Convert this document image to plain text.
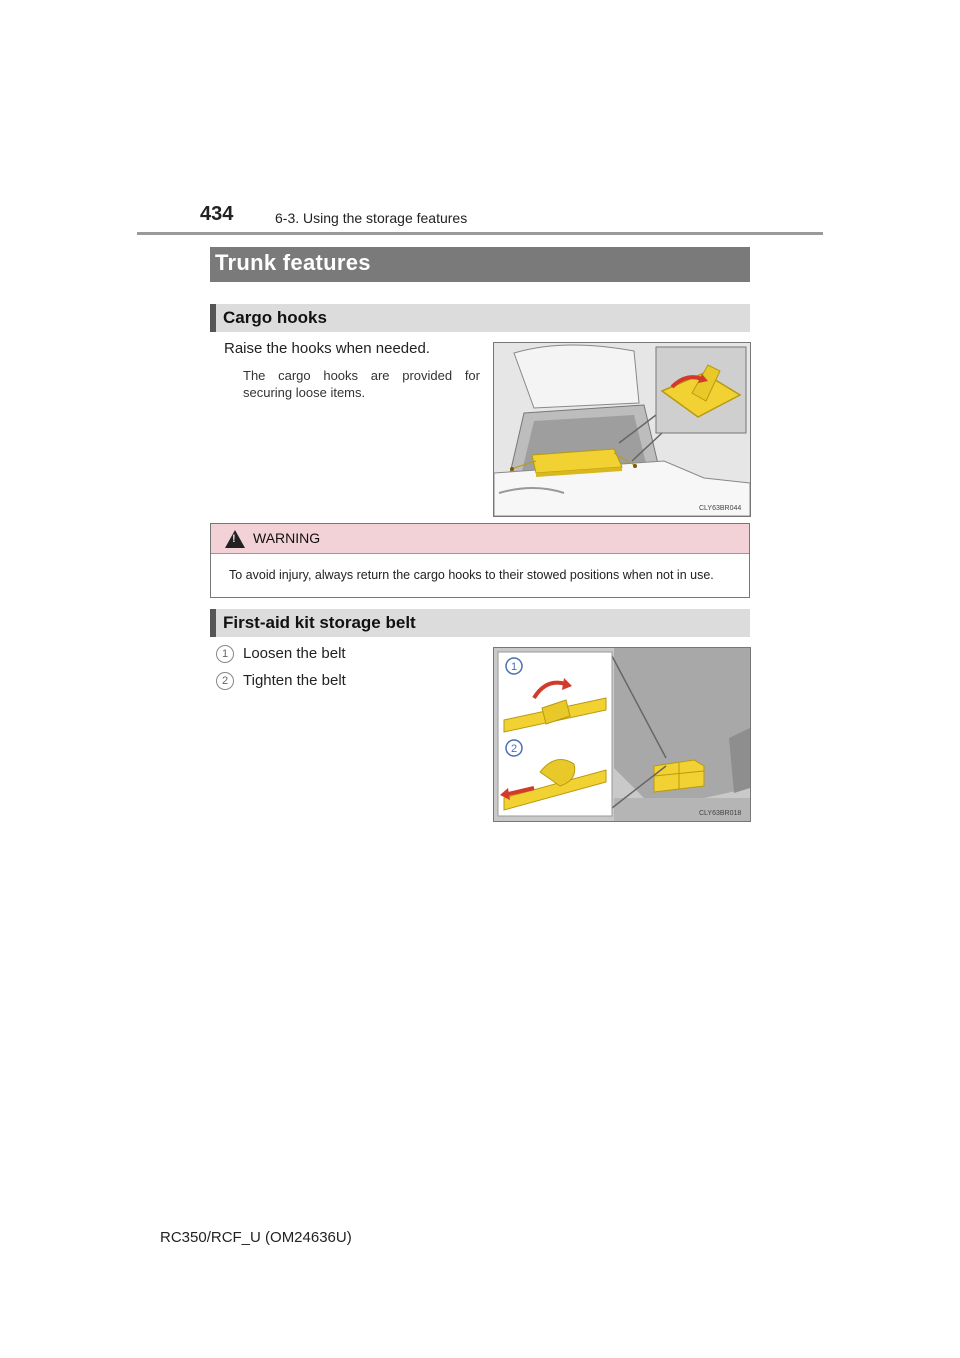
434	6-3. Using the storage features
Trunk features
Cargo hooks
Raise the hooks when needed.
The cargo hooks are provided for securing loose items.
CLY63BR044
! WARNING
To avoid injury, always return the cargo hooks to their stowed positions when not in use.
First-aid kit storage belt
1 Loosen the belt
2 Tighten the belt
1
2
CLY63BR018
RC350/RCF_U (OM24636U)
